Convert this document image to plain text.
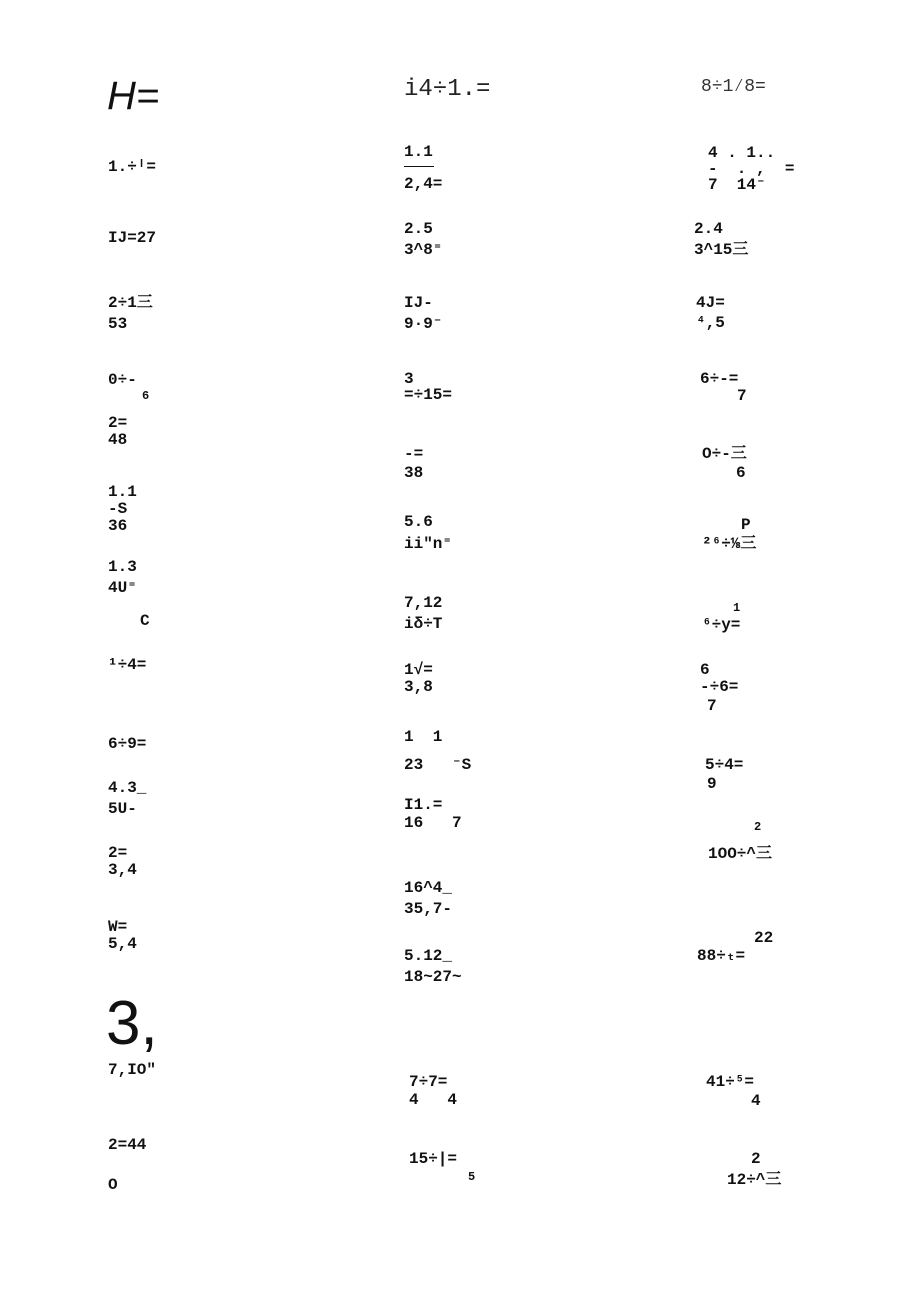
H=
1.÷ˡ=
IJ=27
2÷1三
53
0÷-
6
2=
48
1.1
-S
36
1.3
4U⁼
C
¹÷4=
6÷9=
4.3_
5U-
2=
3,4
W=
5,4
3,
7,IO"
2=44
O
i4÷1.=
1.1
2,4=
2.5
3^8⁼
IJ-
9·9⁻
3
=÷15=
-=
38
5.6
ii"n⁼
7,12
iδ÷T
1√=
3,8
1  1
23   ⁻S
I1.=
16   7
16^4_
35,7-
5.12_
18~27~
7÷7=
4   4
15÷|=
5
8÷1⁄8=
4 . 1..
-  . ,  =
7  14⁻
2.4
3^15三
4J=
⁴,5
6÷-=
7
O÷-三
6
P
²⁶÷⅛三
1
⁶÷y=
6
-÷6=
7
5÷4=
9
2
1OO÷^三
22
88÷ₜ=
41÷⁵=
4
2
12÷^三
